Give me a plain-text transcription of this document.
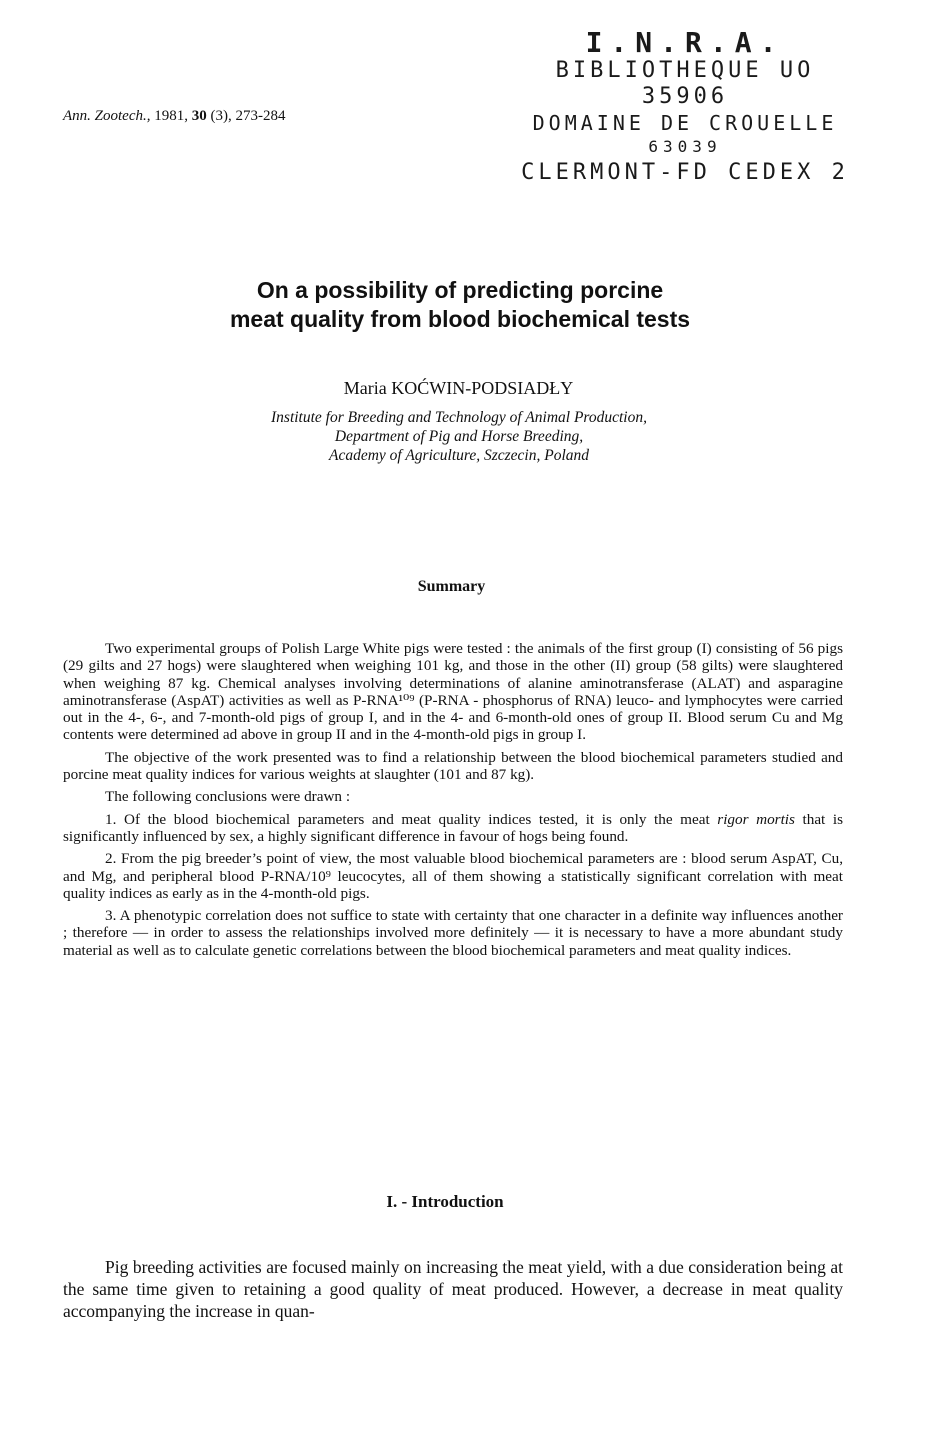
I.N.R.A.
BIBLIOTHEQUE UO 35906
DOMAINE DE CROUELLE
63039
CLERMONT-FD CEDEX 2
Ann. Zootech., 1981, 30 (3), 273-284
On a possibility of predicting porcine
meat quality from blood biochemical tests
Maria KOĆWIN-PODSIADŁY
Institute for Breeding and Technology of Animal Production,
Department of Pig and Horse Breeding,
Academy of Agriculture, Szczecin, Poland
Summary

Two experimental groups of Polish Large White pigs were tested : the animals of the first group (I) consisting of 56 pigs (29 gilts and 27 hogs) were slaughtered when weighing 101 kg, and those in the other (II) group (58 gilts) were slaughtered when weighing 87 kg. Chemical analyses involving determinations of alanine aminotransferase (ALAT) and asparagine aminotransferase (AspAT) activities as well as P-RNA¹⁰⁹ (P-RNA - phosphorus of RNA) leuco- and lymphocytes were carried out in the 4-, 6-, and 7-month-old pigs of group I, and in the 4- and 6-month-old ones of group II. Blood serum Cu and Mg contents were determined ad above in group II and in the 4-month-old pigs in group I.

The objective of the work presented was to find a relationship between the blood biochemical parameters studied and porcine meat quality indices for various weights at slaughter (101 and 87 kg).

The following conclusions were drawn :

1. Of the blood biochemical parameters and meat quality indices tested, it is only the meat rigor mortis that is significantly influenced by sex, a highly significant difference in favour of hogs being found.

2. From the pig breeder’s point of view, the most valuable blood biochemical parameters are : blood serum AspAT, Cu, and Mg, and peripheral blood P-RNA/10⁹ leucocytes, all of them showing a statistically significant correlation with meat quality indices as early as in the 4-month-old pigs.

3. A phenotypic correlation does not suffice to state with certainty that one character in a definite way influences another ; therefore — in order to assess the relationships involved more definitely — it is necessary to have a more abundant study material as well as to calculate genetic correlations between the blood biochemical parameters and meat quality indices.

I. - Introduction

Pig breeding activities are focused mainly on increasing the meat yield, with a due consideration being at the same time given to retaining a good quality of meat produced. However, a decrease in meat quality accompanying the increase in quan-
